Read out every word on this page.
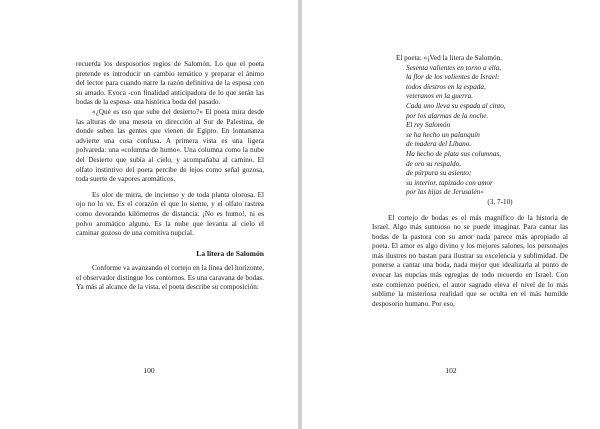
recuerda los desposorios regios de Salomón. Lo que el poeta pretende es introducir un cambio temático y preparar el ánimo del lector para cuando narre la razón definitiva de la esposa con su amado. Evoca -con finalidad anticipadora de lo que serán las bodas de la esposa- una histórica boda del pasado.

«¿Qué es eso que sube del desierto?» El poeta mira desde las alturas de una meseta en dirección al Sur de Palestina, de donde suben las gentes que vienen de Egipto. En lontananza advierte una cosa confusa. A primera vista es una ligera polvareda: una «columna de humo». Una columna como la nube del Desierto que subía al cielo, y acompañaba al camino. El olfato instintivo del poeta percibe de lejos como señal gozosa, toda suerte de vapores aromáticos.

Es olor de mirra, de incienso y de toda planta olorosa. El ojo no lo ve. Es el corazón el que lo siente, y el olfato rastrea como devorando kilómetros de distancia. ¡No es humo!, ni es polvo aromático alguno. Es la nube que levanta al cielo el caminar gozoso de una comitiva nupcial.

La litera de Salomón

Conforme va avanzando el cortejo en la línea del horizonte, el observador distingue los contornos. Es una caravana de bodas. Ya más al alcance de la vista, el poeta describe su composición:

100

El poeta: «¡Ved la litera de Salomón.

Sesenta valientes en torno a ella,
la flor de los valientes de Israel:
todos diestros en la espada,
veteranos en la guerra.
Cada uno lleva su espada al cinto,
por los alarmas de la noche.
El rey Salomón
se ha hecho un palanquín
de madera del Líbano.
Ha hecho de plata sus columnas,
de oro su respaldo,
de púrpura su asiento;
su interior, tapizado con amor
por las hijas de Jerusalén»
(3, 7-10)

El cortejo de bodas es el más magnífico de la historia de Israel. Algo más suntuoso no se puede imaginar. Para cantar las bodas de la pastora con su amor nada parece más apropiado al poeta. El amor es algo divino y los mejores salones, los personajes más ilustres no bastan para ilustrar su excelencia y sublimidad. De ponerse a cantar una boda, nada mejor que idealizarla al punto de evocar las nupcias más egregias de todo recuerdo en Israel. Con este comienzo poético, el autor sagrado eleva el nivel de lo más sublime la misteriosa realidad que se oculta en el más humilde desposorio humano. Por eso,

102
